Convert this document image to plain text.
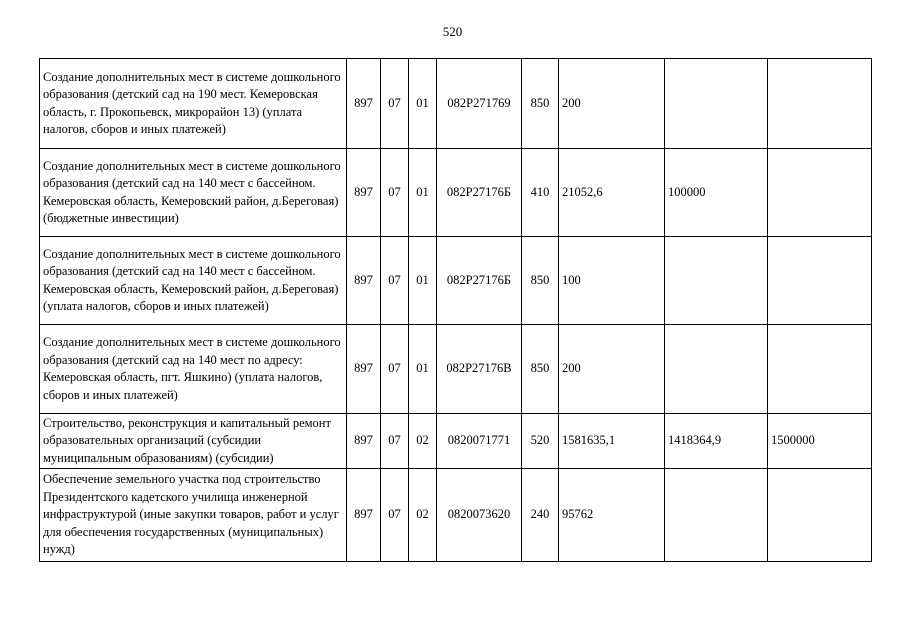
520
Создание дополнительных мест в системе дошкольного образования (детский сад на 190 мест. Кемеровская область, г. Прокопьевск, микрорайон 13) (уплата налогов, сборов и иных платежей)	897	07	01	082P271769	850	200		
Создание дополнительных мест в системе дошкольного образования (детский сад на 140 мест с бассейном. Кемеровская область, Кемеровский район, д.Береговая) (бюджетные инвестиции)	897	07	01	082P27176Б	410	21052,6	100000	
Создание дополнительных мест в системе дошкольного образования (детский сад на 140 мест с бассейном. Кемеровская область, Кемеровский район, д.Береговая) (уплата налогов, сборов и иных платежей)	897	07	01	082P27176Б	850	100		
Создание дополнительных мест в системе дошкольного образования (детский сад на 140 мест по адресу: Кемеровская область, пгт. Яшкино) (уплата налогов, сборов и иных платежей)	897	07	01	082P27176В	850	200		
Строительство, реконструкция и капитальный ремонт образовательных организаций (субсидии муниципальным образованиям) (субсидии)	897	07	02	0820071771	520	1581635,1	1418364,9	1500000
Обеспечение земельного участка под строительство Президентского кадетского училища инженерной инфраструктурой (иные закупки товаров, работ и услуг для обеспечения государственных (муниципальных) нужд)	897	07	02	0820073620	240	95762		
